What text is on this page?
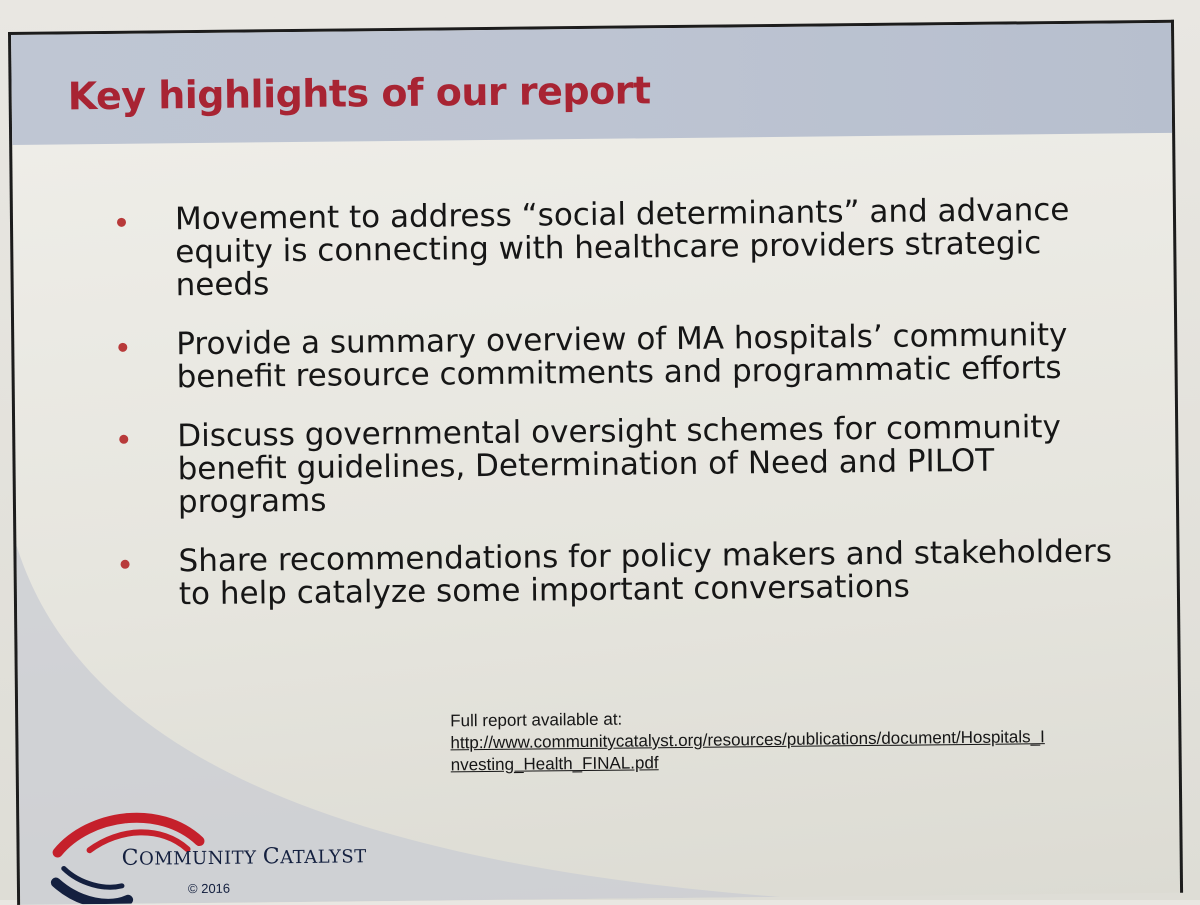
Key highlights of our report
Movement to address “social determinants” and advance equity is connecting with healthcare providers strategic needs
Provide a summary overview of MA hospitals’ community benefit resource commitments and programmatic efforts
Discuss governmental oversight schemes for community benefit guidelines, Determination of Need and PILOT programs
Share recommendations for policy makers and stakeholders to help catalyze some important conversations
Full report available at:
http://www.communitycatalyst.org/resources/publications/document/Hospitals_I
nvesting_Health_FINAL.pdf
COMMUNITY CATALYST
© 2016
